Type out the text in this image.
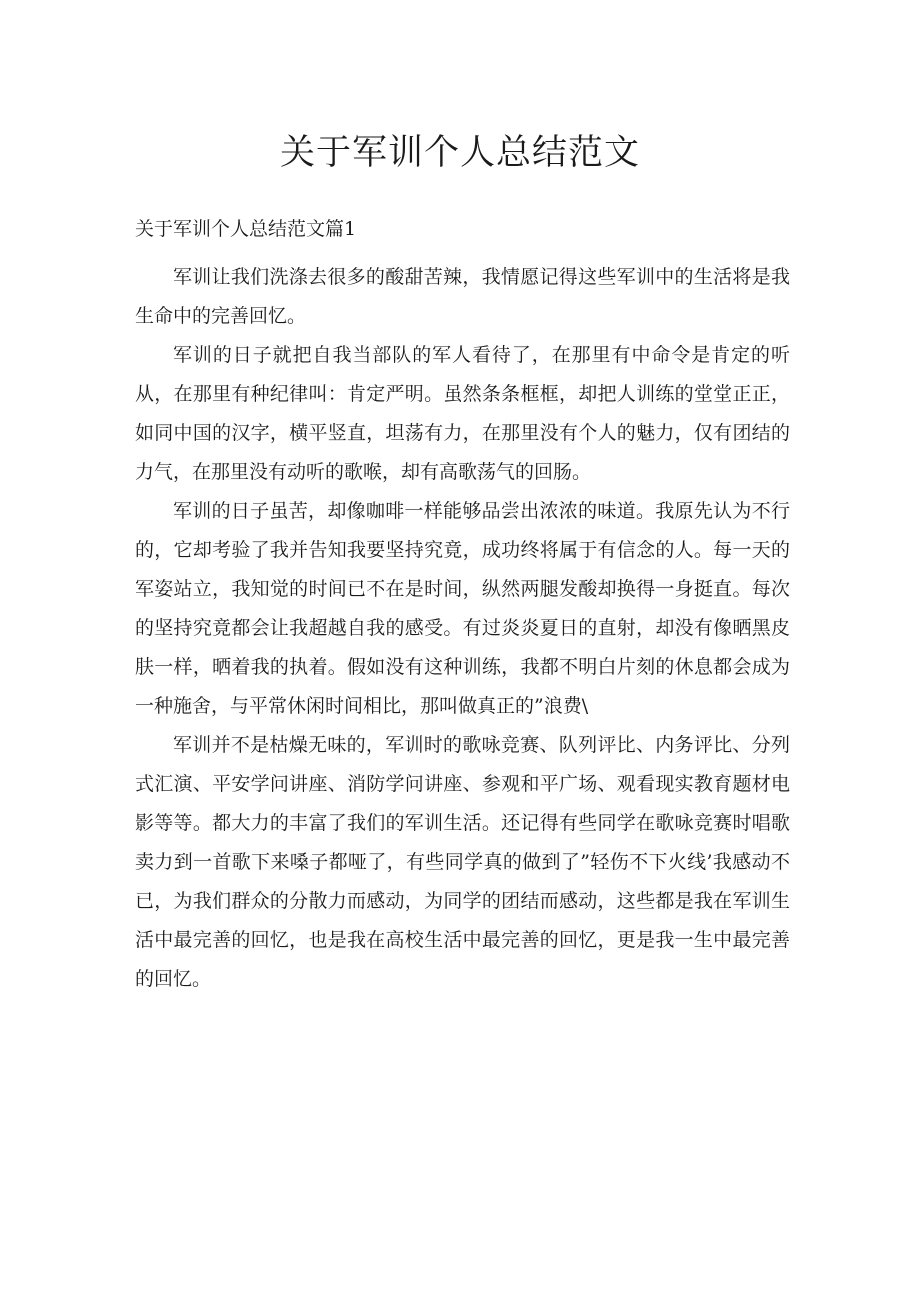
关于军训个人总结范文
关于军训个人总结范文篇1

军训让我们洗涤去很多的酸甜苦辣，我情愿记得这些军训中的生活将是我生命中的完善回忆。

军训的日子就把自我当部队的军人看待了，在那里有中命令是肯定的听从，在那里有种纪律叫：肯定严明。虽然条条框框，却把人训练的堂堂正正，如同中国的汉字，横平竖直，坦荡有力，在那里没有个人的魅力，仅有团结的力气，在那里没有动听的歌喉，却有高歌荡气的回肠。

军训的日子虽苦，却像咖啡一样能够品尝出浓浓的味道。我原先认为不行的，它却考验了我并告知我要坚持究竟，成功终将属于有信念的人。每一天的军姿站立，我知觉的时间已不在是时间，纵然两腿发酸却换得一身挺直。每次的坚持究竟都会让我超越自我的感受。有过炎炎夏日的直射，却没有像晒黑皮肤一样，晒着我的执着。假如没有这种训练，我都不明白片刻的休息都会成为一种施舍，与平常休闲时间相比，那叫做真正的”浪费\

军训并不是枯燥无味的，军训时的歌咏竞赛、队列评比、内务评比、分列式汇演、平安学问讲座、消防学问讲座、参观和平广场、观看现实教育题材电影等等。都大力的丰富了我们的军训生活。还记得有些同学在歌咏竞赛时唱歌卖力到一首歌下来嗓子都哑了，有些同学真的做到了”轻伤不下火线’我感动不已，为我们群众的分散力而感动，为同学的团结而感动，这些都是我在军训生活中最完善的回忆，也是我在高校生活中最完善的回忆，更是我一生中最完善的回忆。
